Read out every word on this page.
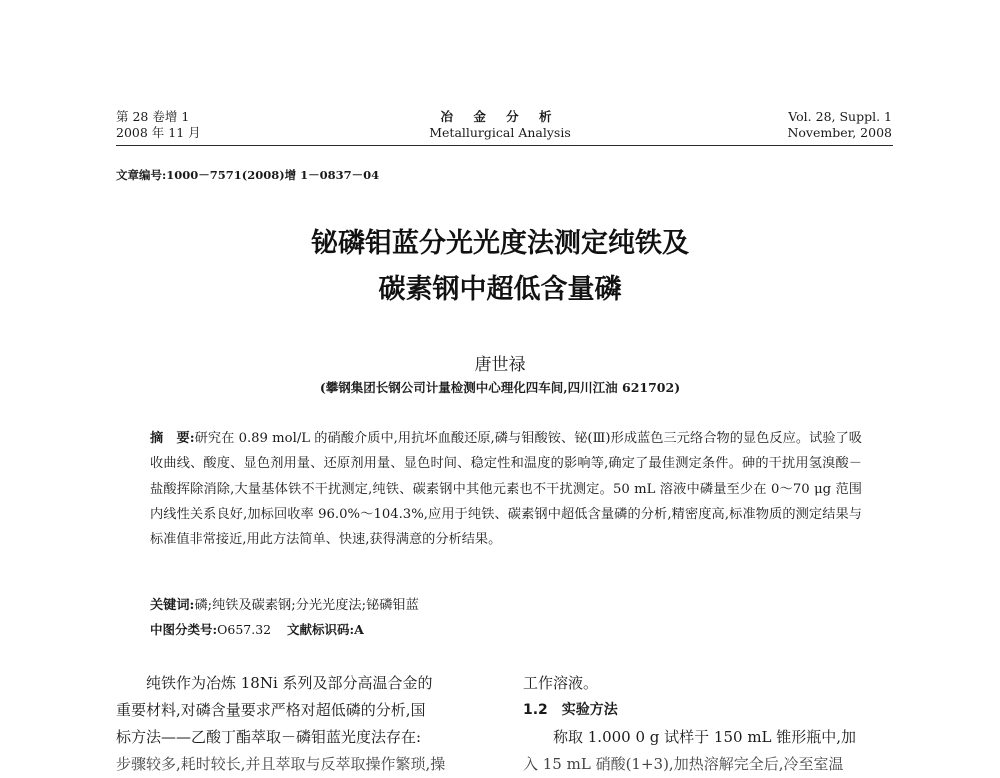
第 28 卷增 1
2008 年 11 月
冶 金 分 析
Metallurgical Analysis
Vol. 28, Suppl. 1
November, 2008
文章编号:1000－7571(2008)增 1－0837－04
铋磷钼蓝分光光度法测定纯铁及
碳素钢中超低含量磷
唐世禄
(攀钢集团长钢公司计量检测中心理化四车间,四川江油 621702)
摘　要:研究在 0.89 mol/L 的硝酸介质中,用抗坏血酸还原,磷与钼酸铵、铋(Ⅲ)形成蓝色三元络合物的显色反应。试验了吸收曲线、酸度、显色剂用量、还原剂用量、显色时间、稳定性和温度的影响等,确定了最佳测定条件。砷的干扰用氢溴酸－盐酸挥除消除,大量基体铁不干扰测定,纯铁、碳素钢中其他元素也不干扰测定。50 mL 溶液中磷量至少在 0～70 μg 范围内线性关系良好,加标回收率 96.0%～104.3%,应用于纯铁、碳素钢中超低含量磷的分析,精密度高,标准物质的测定结果与标准值非常接近,用此方法简单、快速,获得满意的分析结果。
关键词:磷;纯铁及碳素钢;分光光度法;铋磷钼蓝
中图分类号:O657.32 文献标识码:A
纯铁作为冶炼 18Ni 系列及部分高温合金的
重要材料,对磷含量要求严格对超低磷的分析,国
标方法——乙酸丁酯萃取－磷钼蓝光度法存在:
步骤较多,耗时较长,并且萃取与反萃取操作繁琐,操
工作溶液。
1.2　实验方法
称取 1.000 0 g 试样于 150 mL 锥形瓶中,加
入 15 mL 硝酸(1+3),加热溶解完全后,冷至室温
